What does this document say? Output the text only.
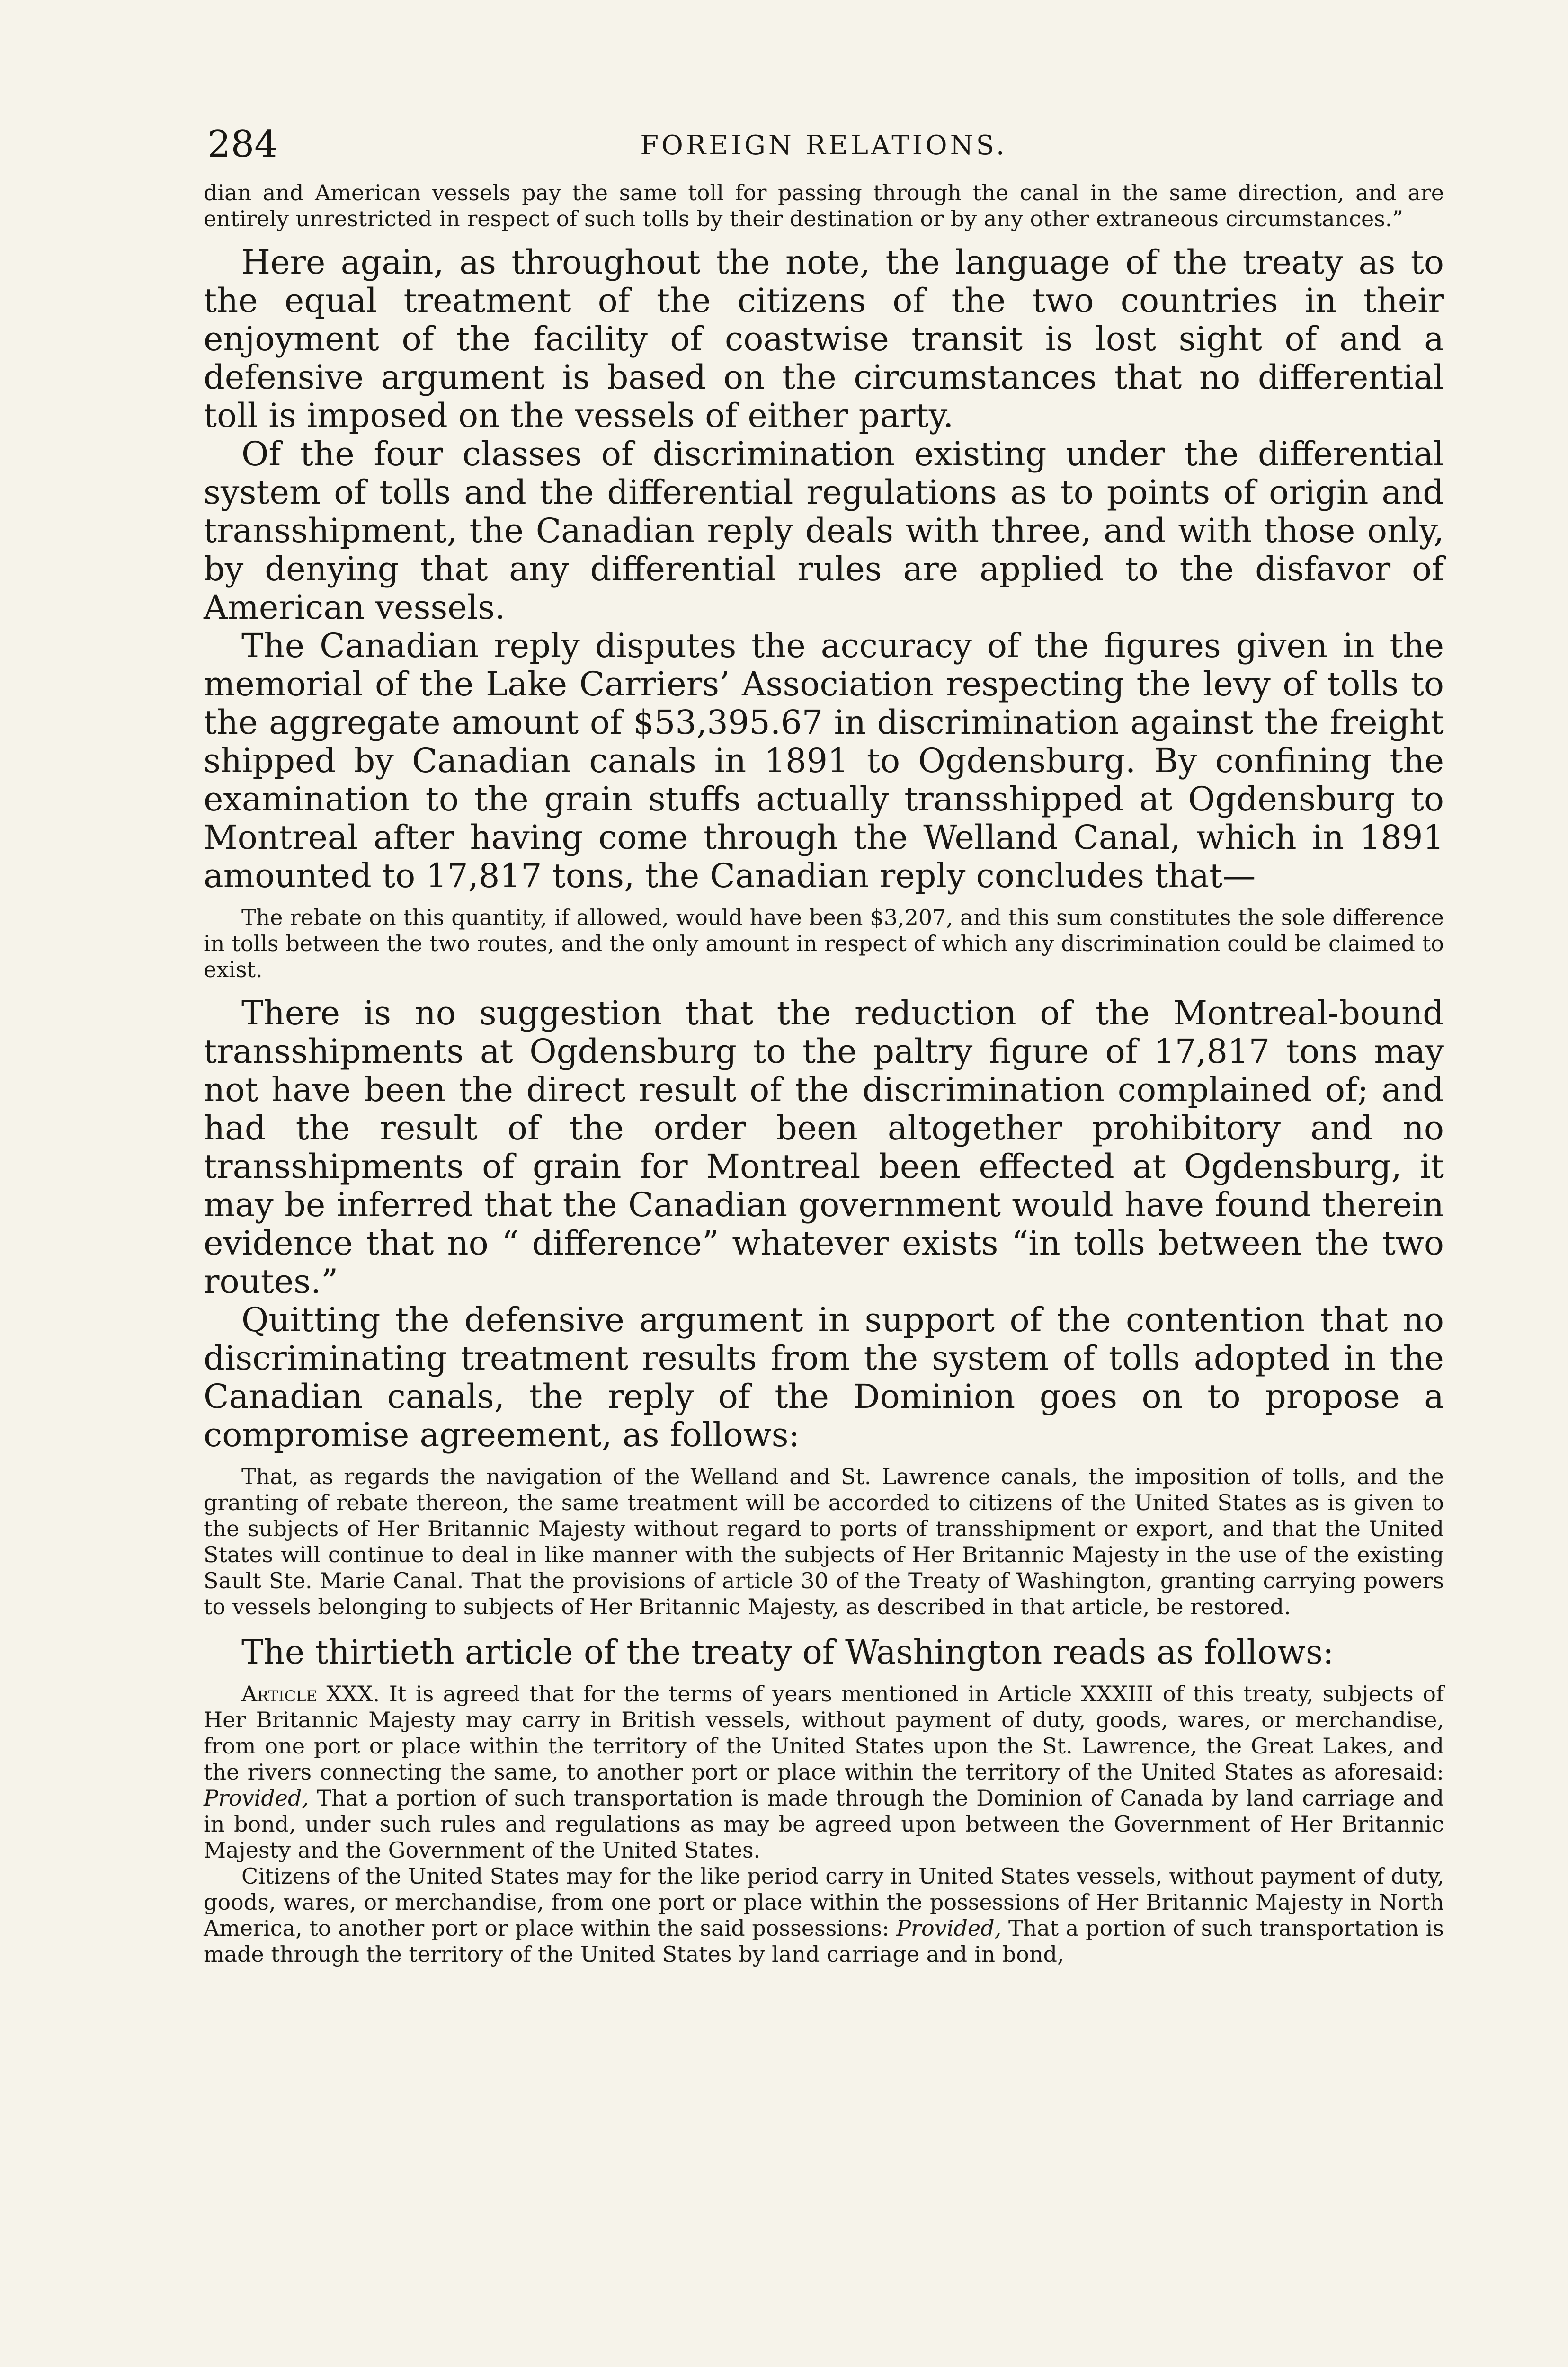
284	FOREIGN RELATIONS.

dian and American vessels pay the same toll for passing through the canal in the same direction, and are entirely unrestricted in respect of such tolls by their destination or by any other extraneous circumstances.”

Here again, as throughout the note, the language of the treaty as to the equal treatment of the citizens of the two countries in their enjoyment of the facility of coastwise transit is lost sight of and a defensive argument is based on the circumstances that no differential toll is imposed on the vessels of either party.

Of the four classes of discrimination existing under the differential system of tolls and the differential regulations as to points of origin and transshipment, the Canadian reply deals with three, and with those only, by denying that any differential rules are applied to the disfavor of American vessels.

The Canadian reply disputes the accuracy of the figures given in the memorial of the Lake Carriers’ Association respecting the levy of tolls to the aggregate amount of $53,395.67 in discrimination against the freight shipped by Canadian canals in 1891 to Ogdensburg. By confining the examination to the grain stuffs actually transshipped at Ogdensburg to Montreal after having come through the Welland Canal, which in 1891 amounted to 17,817 tons, the Canadian reply concludes that—

The rebate on this quantity, if allowed, would have been $3,207, and this sum constitutes the sole difference in tolls between the two routes, and the only amount in respect of which any discrimination could be claimed to exist.

There is no suggestion that the reduction of the Montreal-bound transshipments at Ogdensburg to the paltry figure of 17,817 tons may not have been the direct result of the discrimination complained of; and had the result of the order been altogether prohibitory and no transshipments of grain for Montreal been effected at Ogdensburg, it may be inferred that the Canadian government would have found therein evidence that no “ difference” whatever exists “in tolls between the two routes.”

Quitting the defensive argument in support of the contention that no discriminating treatment results from the system of tolls adopted in the Canadian canals, the reply of the Dominion goes on to propose a compromise agreement, as follows:

That, as regards the navigation of the Welland and St. Lawrence canals, the imposition of tolls, and the granting of rebate thereon, the same treatment will be accorded to citizens of the United States as is given to the subjects of Her Britannic Majesty without regard to ports of transshipment or export, and that the United States will continue to deal in like manner with the subjects of Her Britannic Majesty in the use of the existing Sault Ste. Marie Canal. That the provisions of article 30 of the Treaty of Washington, granting carrying powers to vessels belonging to subjects of Her Britannic Majesty, as described in that article, be restored.

The thirtieth article of the treaty of Washington reads as follows:

Article XXX. It is agreed that for the terms of years mentioned in Article XXXIII of this treaty, subjects of Her Britannic Majesty may carry in British vessels, without payment of duty, goods, wares, or merchandise, from one port or place within the territory of the United States upon the St. Lawrence, the Great Lakes, and the rivers connecting the same, to another port or place within the territory of the United States as aforesaid: Provided, That a portion of such transportation is made through the Dominion of Canada by land carriage and in bond, under such rules and regulations as may be agreed upon between the Government of Her Britannic Majesty and the Government of the United States.

Citizens of the United States may for the like period carry in United States vessels, without payment of duty, goods, wares, or merchandise, from one port or place within the possessions of Her Britannic Majesty in North America, to another port or place within the said possessions: Provided, That a portion of such transportation is made through the territory of the United States by land carriage and in bond,
